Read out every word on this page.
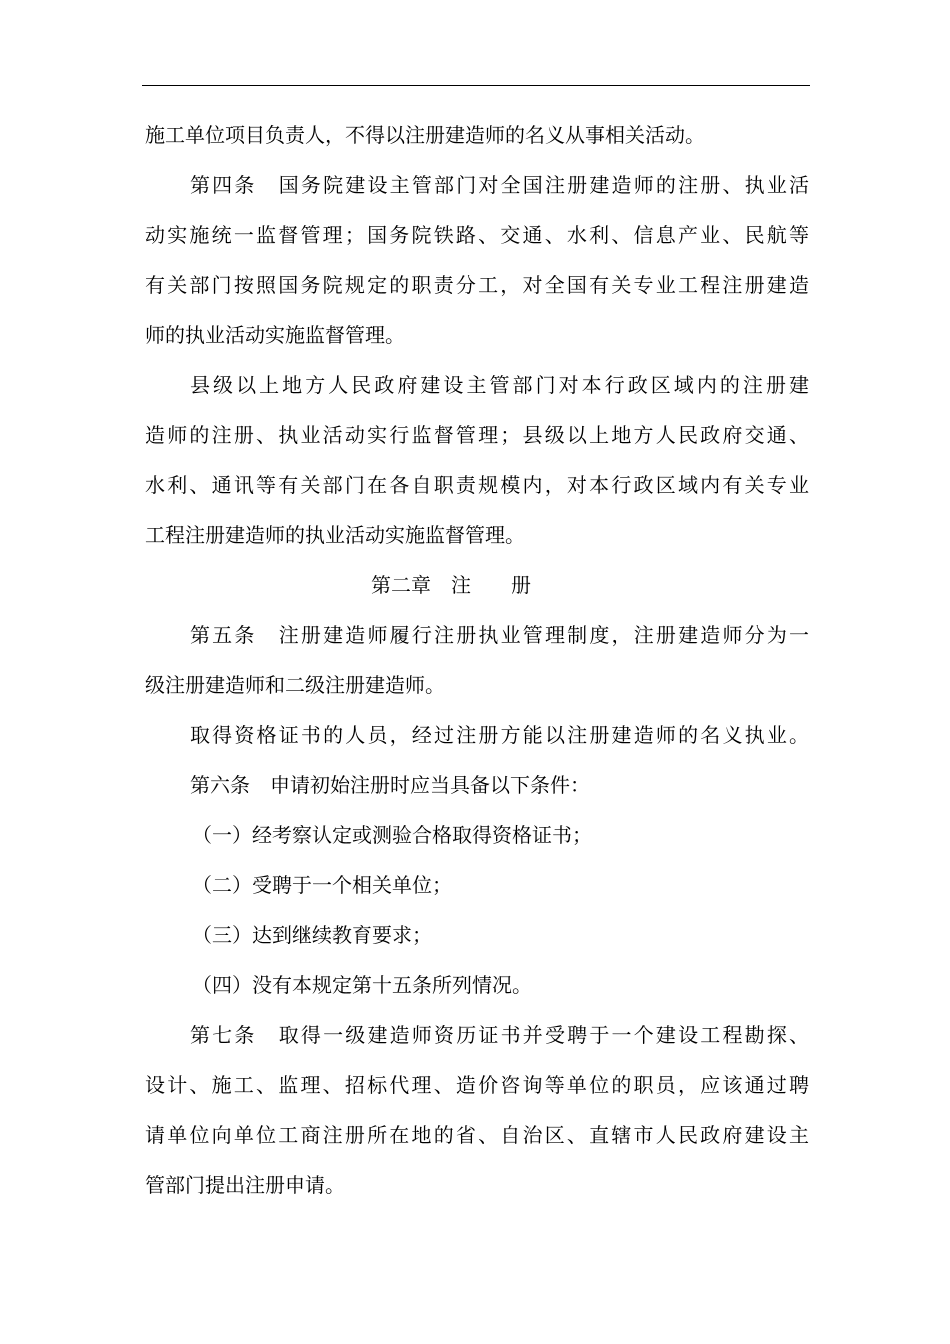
施工单位项目负责人，不得以注册建造师的名义从事相关活动。
第四条　国务院建设主管部门对全国注册建造师的注册、执业活
动实施统一监督管理；国务院铁路、交通、水利、信息产业、民航等
有关部门按照国务院规定的职责分工，对全国有关专业工程注册建造
师的执业活动实施监督管理。
县级以上地方人民政府建设主管部门对本行政区域内的注册建
造师的注册、执业活动实行监督管理；县级以上地方人民政府交通、
水利、通讯等有关部门在各自职责规模内，对本行政区域内有关专业
工程注册建造师的执业活动实施监督管理。
第二章　注　　册
第五条　注册建造师履行注册执业管理制度，注册建造师分为一
级注册建造师和二级注册建造师。
取得资格证书的人员，经过注册方能以注册建造师的名义执业。
第六条　申请初始注册时应当具备以下条件：
（一）经考察认定或测验合格取得资格证书；
（二）受聘于一个相关单位；
（三）达到继续教育要求；
（四）没有本规定第十五条所列情况。
第七条　取得一级建造师资历证书并受聘于一个建设工程勘探、
设计、施工、监理、招标代理、造价咨询等单位的职员，应该通过聘
请单位向单位工商注册所在地的省、自治区、直辖市人民政府建设主
管部门提出注册申请。
